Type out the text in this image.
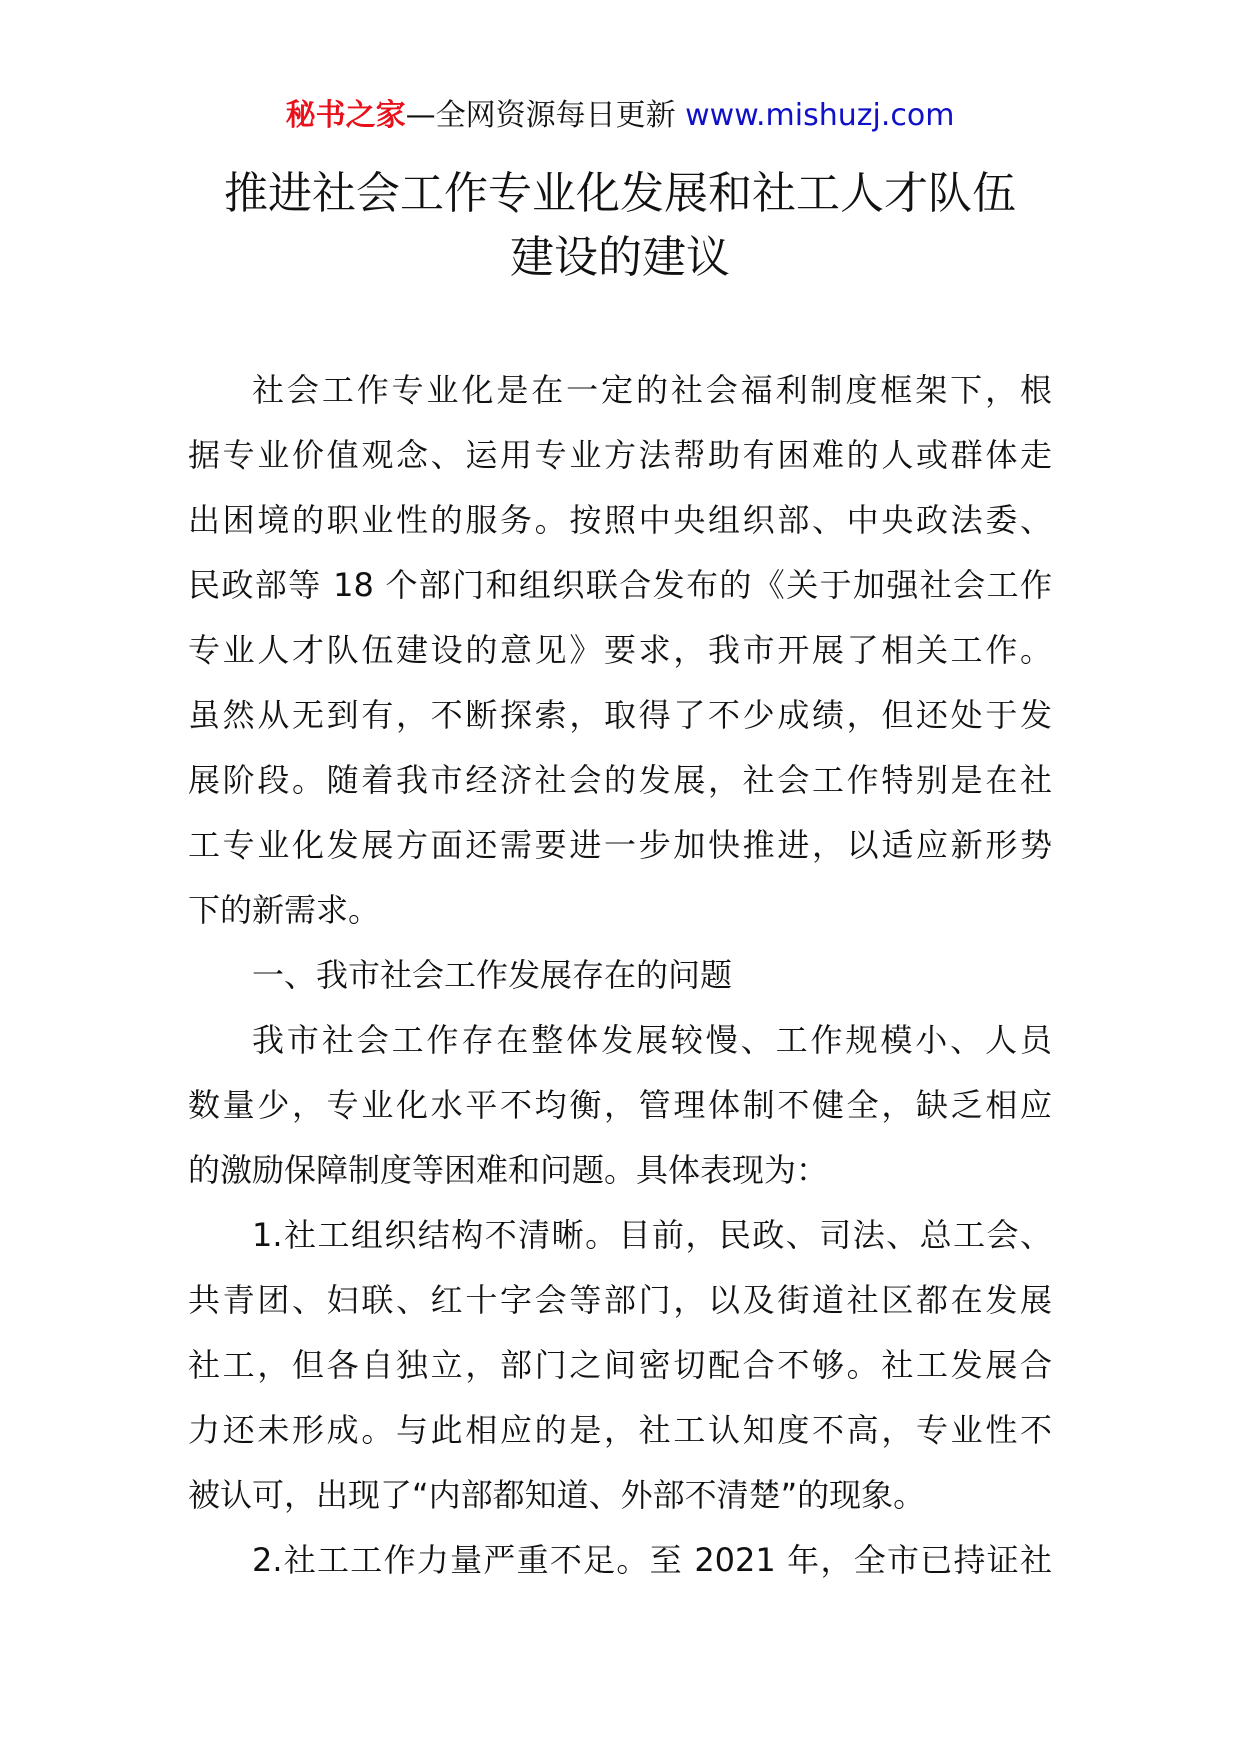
秘书之家—全网资源每日更新 www.mishuzj.com
推进社会工作专业化发展和社工人才队伍
建设的建议
社会工作专业化是在一定的社会福利制度框架下，根
据专业价值观念、运用专业方法帮助有困难的人或群体走
出困境的职业性的服务。按照中央组织部、中央政法委、
民政部等 18 个部门和组织联合发布的《关于加强社会工作
专业人才队伍建设的意见》要求，我市开展了相关工作。
虽然从无到有，不断探索，取得了不少成绩，但还处于发
展阶段。随着我市经济社会的发展，社会工作特别是在社
工专业化发展方面还需要进一步加快推进，以适应新形势
下的新需求。
一、我市社会工作发展存在的问题
我市社会工作存在整体发展较慢、工作规模小、人员
数量少，专业化水平不均衡，管理体制不健全，缺乏相应
的激励保障制度等困难和问题。具体表现为：
1.社工组织结构不清晰。目前，民政、司法、总工会、
共青团、妇联、红十字会等部门，以及街道社区都在发展
社工，但各自独立，部门之间密切配合不够。社工发展合
力还未形成。与此相应的是，社工认知度不高，专业性不
被认可，出现了“内部都知道、外部不清楚”的现象。
2.社工工作力量严重不足。至 2021 年，全市已持证社
